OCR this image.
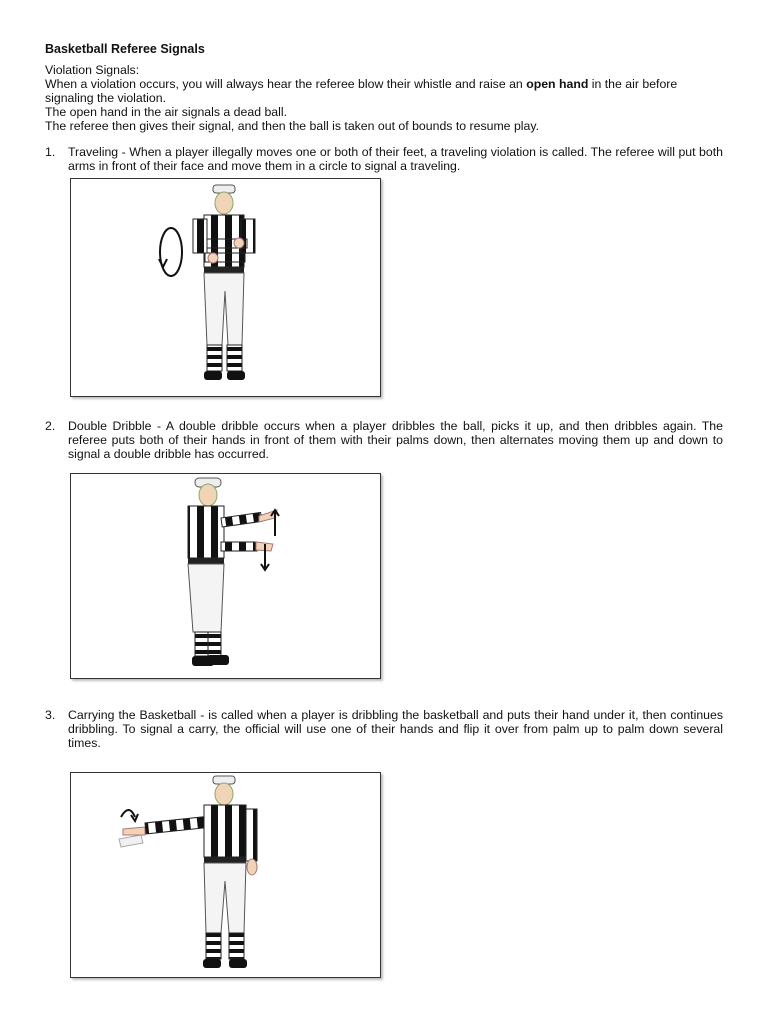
Basketball Referee Signals

Violation Signals:

When a violation occurs, you will always hear the referee blow their whistle and raise an open hand in the air before signaling the violation.

The open hand in the air signals a dead ball.

The referee then gives their signal, and then the ball is taken out of bounds to resume play.

1.	Traveling - When a player illegally moves one or both of their feet, a traveling violation is called. The referee will put both arms in front of their face and move them in a circle to signal a traveling.
2.	Double Dribble - A double dribble occurs when a player dribbles the ball, picks it up, and then dribbles again. The referee puts both of their hands in front of them with their palms down, then alternates moving them up and down to signal a double dribble has occurred.
3.	Carrying the Basketball - is called when a player is dribbling the basketball and puts their hand under it, then continues dribbling. To signal a carry, the official will use one of their hands and flip it over from palm up to palm down several times.
